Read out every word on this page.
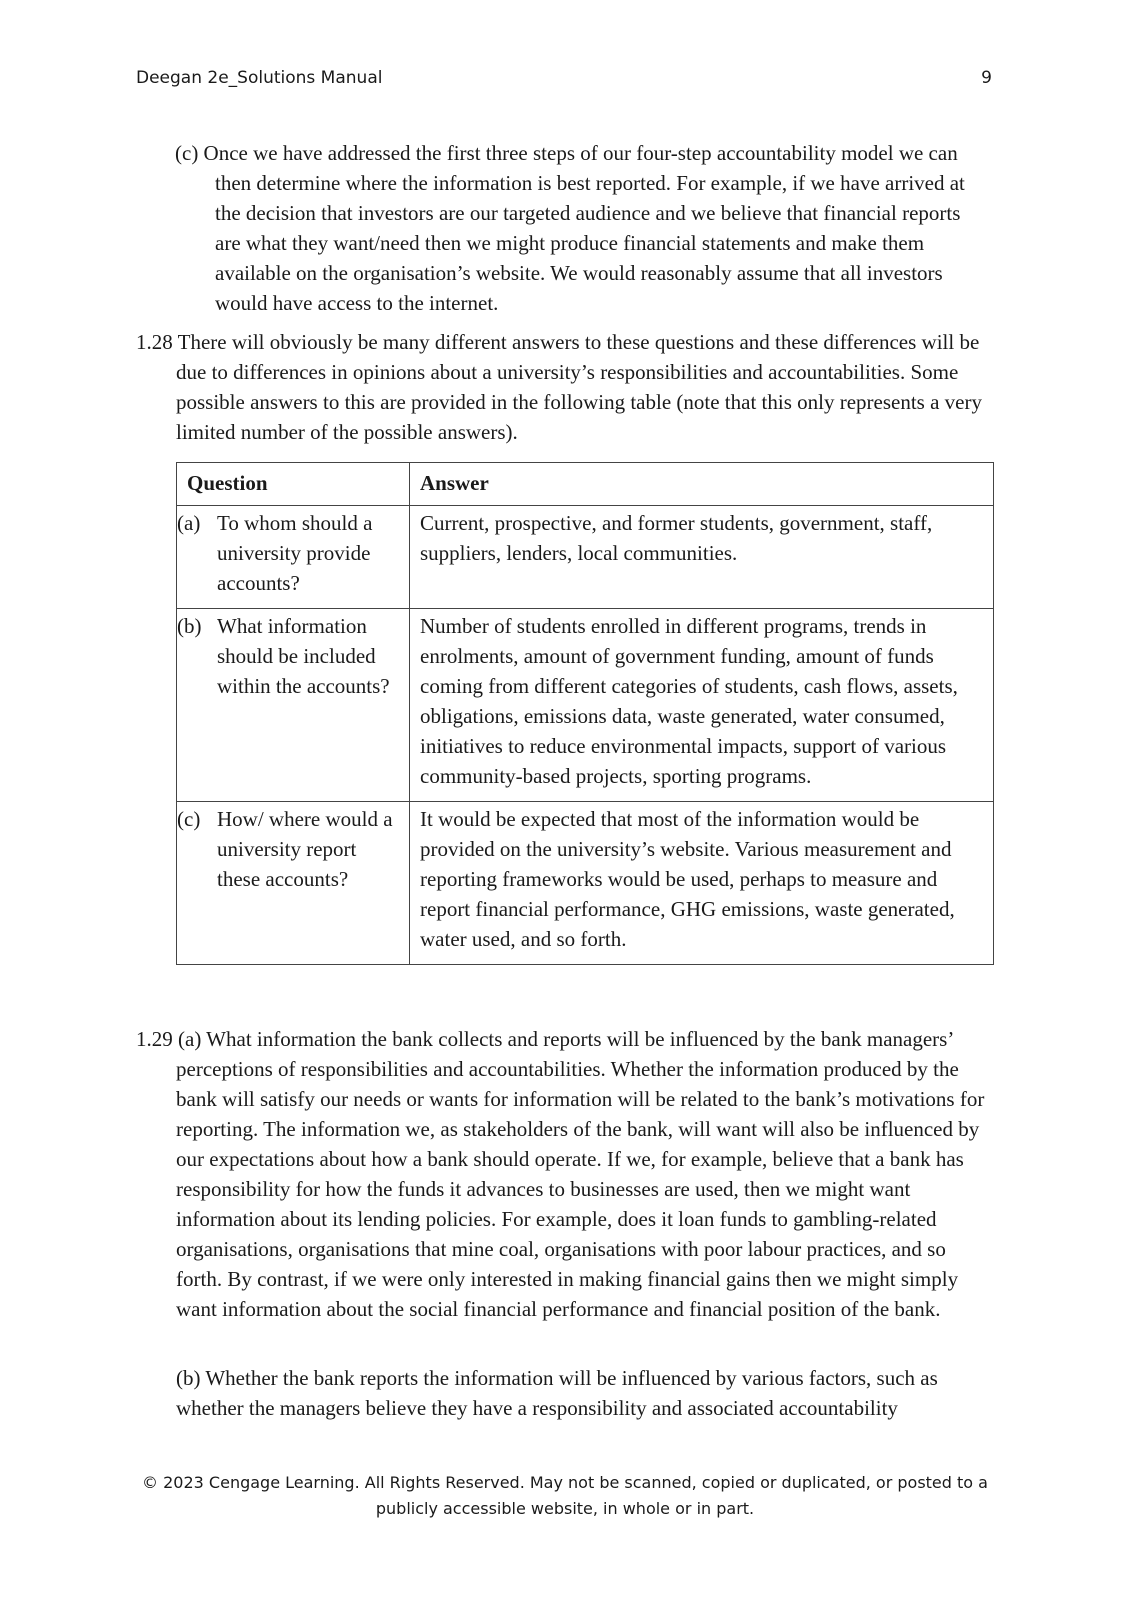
Deegan 2e_Solutions Manual	9

(c) Once we have addressed the first three steps of our four-step accountability model we can then determine where the information is best reported. For example, if we have arrived at the decision that investors are our targeted audience and we believe that financial reports are what they want/need then we might produce financial statements and make them available on the organisation’s website. We would reasonably assume that all investors would have access to the internet.

1.28 There will obviously be many different answers to these questions and these differences will be due to differences in opinions about a university’s responsibilities and accountabilities. Some possible answers to this are provided in the following table (note that this only represents a very limited number of the possible answers).

Question	Answer

(a) To whom should a university provide accounts?	Current, prospective, and former students, government, staff, suppliers, lenders, local communities.

(b) What information should be included within the accounts?	Number of students enrolled in different programs, trends in enrolments, amount of government funding, amount of funds coming from different categories of students, cash flows, assets, obligations, emissions data, waste generated, water consumed, initiatives to reduce environmental impacts, support of various community-based projects, sporting programs.

(c) How/ where would a university report these accounts?	It would be expected that most of the information would be provided on the university’s website. Various measurement and reporting frameworks would be used, perhaps to measure and report financial performance, GHG emissions, waste generated, water used, and so forth.

1.29 (a) What information the bank collects and reports will be influenced by the bank managers’ perceptions of responsibilities and accountabilities. Whether the information produced by the bank will satisfy our needs or wants for information will be related to the bank’s motivations for reporting. The information we, as stakeholders of the bank, will want will also be influenced by our expectations about how a bank should operate. If we, for example, believe that a bank has responsibility for how the funds it advances to businesses are used, then we might want information about its lending policies. For example, does it loan funds to gambling-related organisations, organisations that mine coal, organisations with poor labour practices, and so forth. By contrast, if we were only interested in making financial gains then we might simply want information about the social financial performance and financial position of the bank.

(b) Whether the bank reports the information will be influenced by various factors, such as whether the managers believe they have a responsibility and associated accountability

© 2023 Cengage Learning. All Rights Reserved. May not be scanned, copied or duplicated, or posted to a
publicly accessible website, in whole or in part.
